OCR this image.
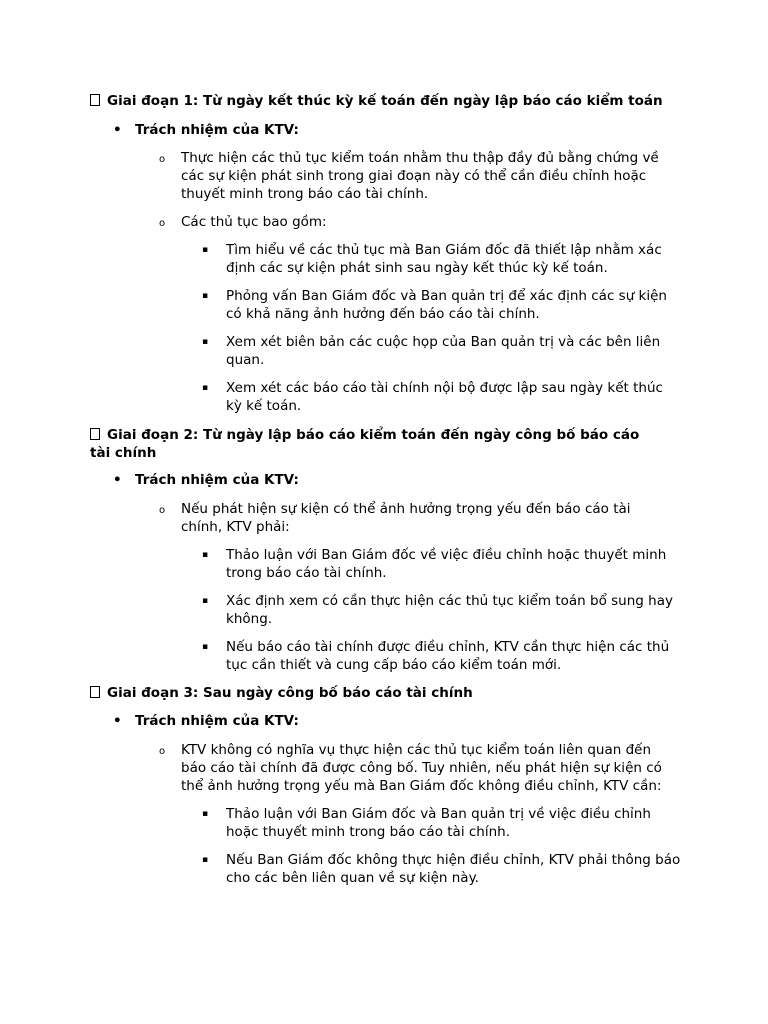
Giai đoạn 1: Từ ngày kết thúc kỳ kế toán đến ngày lập báo cáo kiểm toán
• Trách nhiệm của KTV:
o Thực hiện các thủ tục kiểm toán nhằm thu thập đầy đủ bằng chứng về các sự kiện phát sinh trong giai đoạn này có thể cần điều chỉnh hoặc thuyết minh trong báo cáo tài chính.
o Các thủ tục bao gồm:
▪ Tìm hiểu về các thủ tục mà Ban Giám đốc đã thiết lập nhằm xác định các sự kiện phát sinh sau ngày kết thúc kỳ kế toán.
▪ Phỏng vấn Ban Giám đốc và Ban quản trị để xác định các sự kiện có khả năng ảnh hưởng đến báo cáo tài chính.
▪ Xem xét biên bản các cuộc họp của Ban quản trị và các bên liên quan.
▪ Xem xét các báo cáo tài chính nội bộ được lập sau ngày kết thúc kỳ kế toán.
Giai đoạn 2: Từ ngày lập báo cáo kiểm toán đến ngày công bố báo cáo tài chính
• Trách nhiệm của KTV:
o Nếu phát hiện sự kiện có thể ảnh hưởng trọng yếu đến báo cáo tài chính, KTV phải:
▪ Thảo luận với Ban Giám đốc về việc điều chỉnh hoặc thuyết minh trong báo cáo tài chính.
▪ Xác định xem có cần thực hiện các thủ tục kiểm toán bổ sung hay không.
▪ Nếu báo cáo tài chính được điều chỉnh, KTV cần thực hiện các thủ tục cần thiết và cung cấp báo cáo kiểm toán mới.
Giai đoạn 3: Sau ngày công bố báo cáo tài chính
• Trách nhiệm của KTV:
o KTV không có nghĩa vụ thực hiện các thủ tục kiểm toán liên quan đến báo cáo tài chính đã được công bố. Tuy nhiên, nếu phát hiện sự kiện có thể ảnh hưởng trọng yếu mà Ban Giám đốc không điều chỉnh, KTV cần:
▪ Thảo luận với Ban Giám đốc và Ban quản trị về việc điều chỉnh hoặc thuyết minh trong báo cáo tài chính.
▪ Nếu Ban Giám đốc không thực hiện điều chỉnh, KTV phải thông báo cho các bên liên quan về sự kiện này.
